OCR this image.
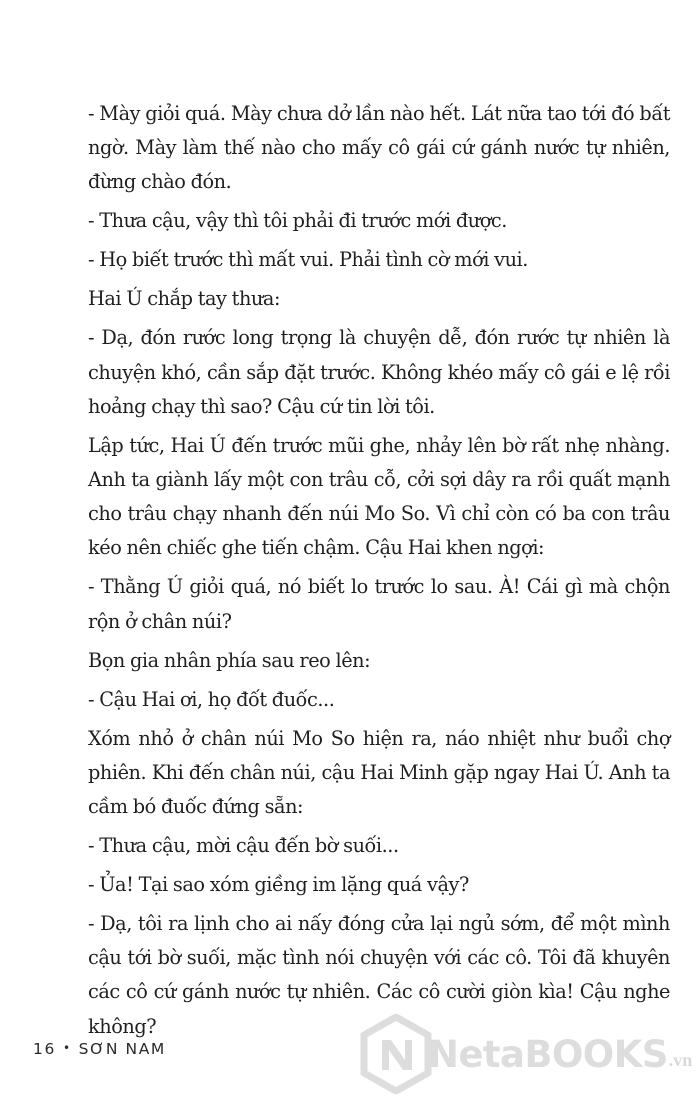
- Mày giỏi quá. Mày chưa dở lần nào hết. Lát nữa tao tới đó bất ngờ. Mày làm thế nào cho mấy cô gái cứ gánh nước tự nhiên, đừng chào đón.

- Thưa cậu, vậy thì tôi phải đi trước mới được.

- Họ biết trước thì mất vui. Phải tình cờ mới vui.

Hai Ú chắp tay thưa:

- Dạ, đón rước long trọng là chuyện dễ, đón rước tự nhiên là chuyện khó, cần sắp đặt trước. Không khéo mấy cô gái e lệ rồi hoảng chạy thì sao? Cậu cứ tin lời tôi.

Lập tức, Hai Ú đến trước mũi ghe, nhảy lên bờ rất nhẹ nhàng. Anh ta giành lấy một con trâu cỗ, cởi sợi dây ra rồi quất mạnh cho trâu chạy nhanh đến núi Mo So. Vì chỉ còn có ba con trâu kéo nên chiếc ghe tiến chậm. Cậu Hai khen ngợi:

- Thằng Ú giỏi quá, nó biết lo trước lo sau. À! Cái gì mà chộn rộn ở chân núi?

Bọn gia nhân phía sau reo lên:

- Cậu Hai ơi, họ đốt đuốc...

Xóm nhỏ ở chân núi Mo So hiện ra, náo nhiệt như buổi chợ phiên. Khi đến chân núi, cậu Hai Minh gặp ngay Hai Ú. Anh ta cầm bó đuốc đứng sẵn:

- Thưa cậu, mời cậu đến bờ suối...

- Ủa! Tại sao xóm giềng im lặng quá vậy?

- Dạ, tôi ra lịnh cho ai nấy đóng cửa lại ngủ sớm, để một mình cậu tới bờ suối, mặc tình nói chuyện với các cô. Tôi đã khuyên các cô cứ gánh nước tự nhiên. Các cô cười giòn kìa! Cậu nghe không?

16 • SƠN NAM	NetaBOOKS .vn
